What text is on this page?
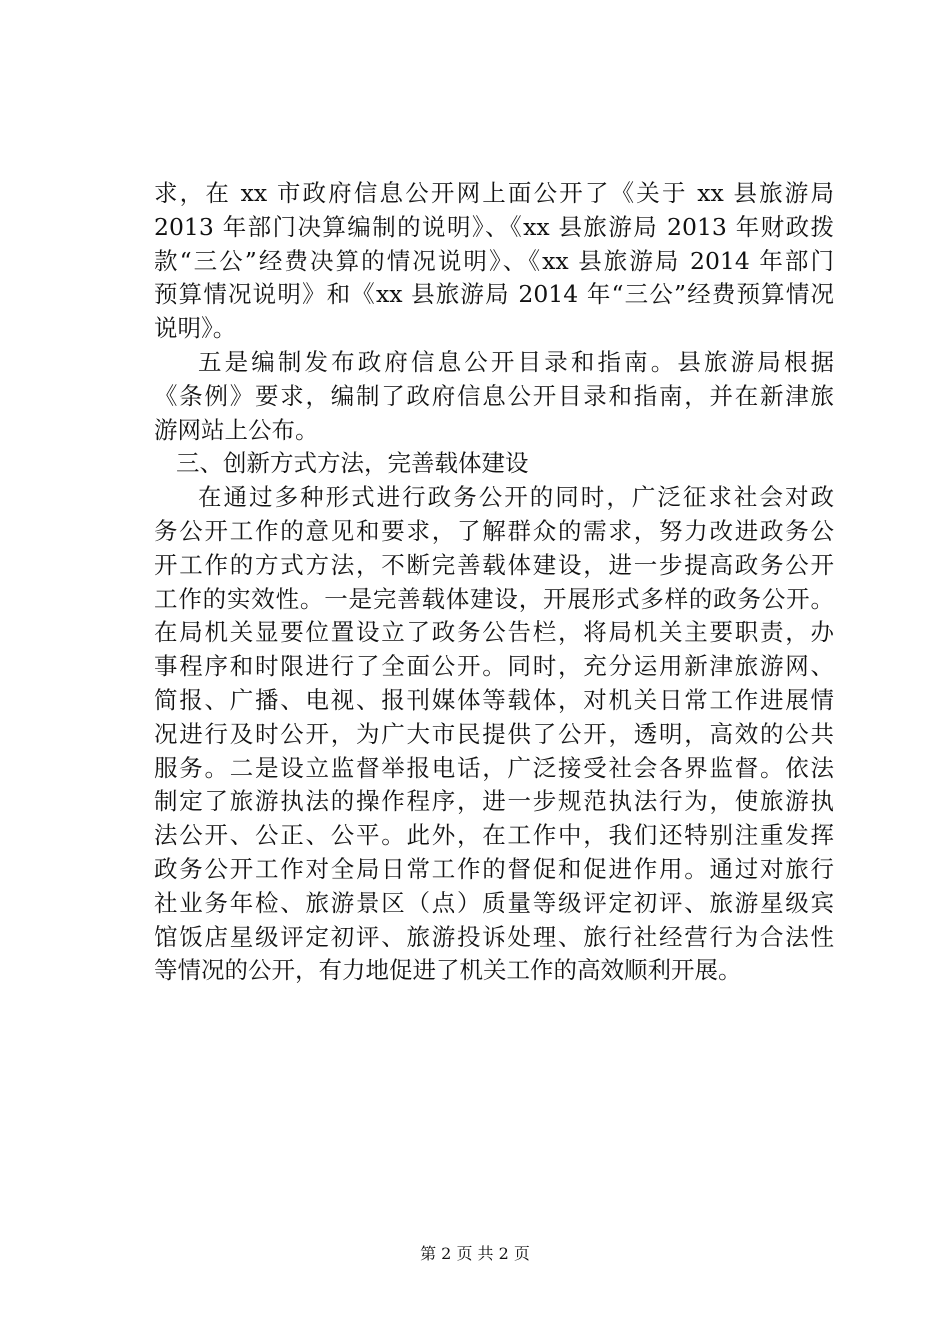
求，在 xx 市政府信息公开网上面公开了《关于 xx 县旅游局
2013 年部门决算编制的说明》、《xx 县旅游局 2013 年财政拨
款“三公”经费决算的情况说明》、《xx 县旅游局 2014 年部门
预算情况说明》和《xx 县旅游局 2014 年“三公”经费预算情况
说明》。
五是编制发布政府信息公开目录和指南。县旅游局根据
《条例》要求，编制了政府信息公开目录和指南，并在新津旅
游网站上公布。
三、创新方式方法，完善载体建设
在通过多种形式进行政务公开的同时，广泛征求社会对政
务公开工作的意见和要求，了解群众的需求，努力改进政务公
开工作的方式方法，不断完善载体建设，进一步提高政务公开
工作的实效性。一是完善载体建设，开展形式多样的政务公开。
在局机关显要位置设立了政务公告栏，将局机关主要职责，办
事程序和时限进行了全面公开。同时，充分运用新津旅游网、
简报、广播、电视、报刊媒体等载体，对机关日常工作进展情
况进行及时公开，为广大市民提供了公开，透明，高效的公共
服务。二是设立监督举报电话，广泛接受社会各界监督。依法
制定了旅游执法的操作程序，进一步规范执法行为，使旅游执
法公开、公正、公平。此外，在工作中，我们还特别注重发挥
政务公开工作对全局日常工作的督促和促进作用。通过对旅行
社业务年检、旅游景区（点）质量等级评定初评、旅游星级宾
馆饭店星级评定初评、旅游投诉处理、旅行社经营行为合法性
等情况的公开，有力地促进了机关工作的高效顺利开展。
第 2 页 共 2 页
